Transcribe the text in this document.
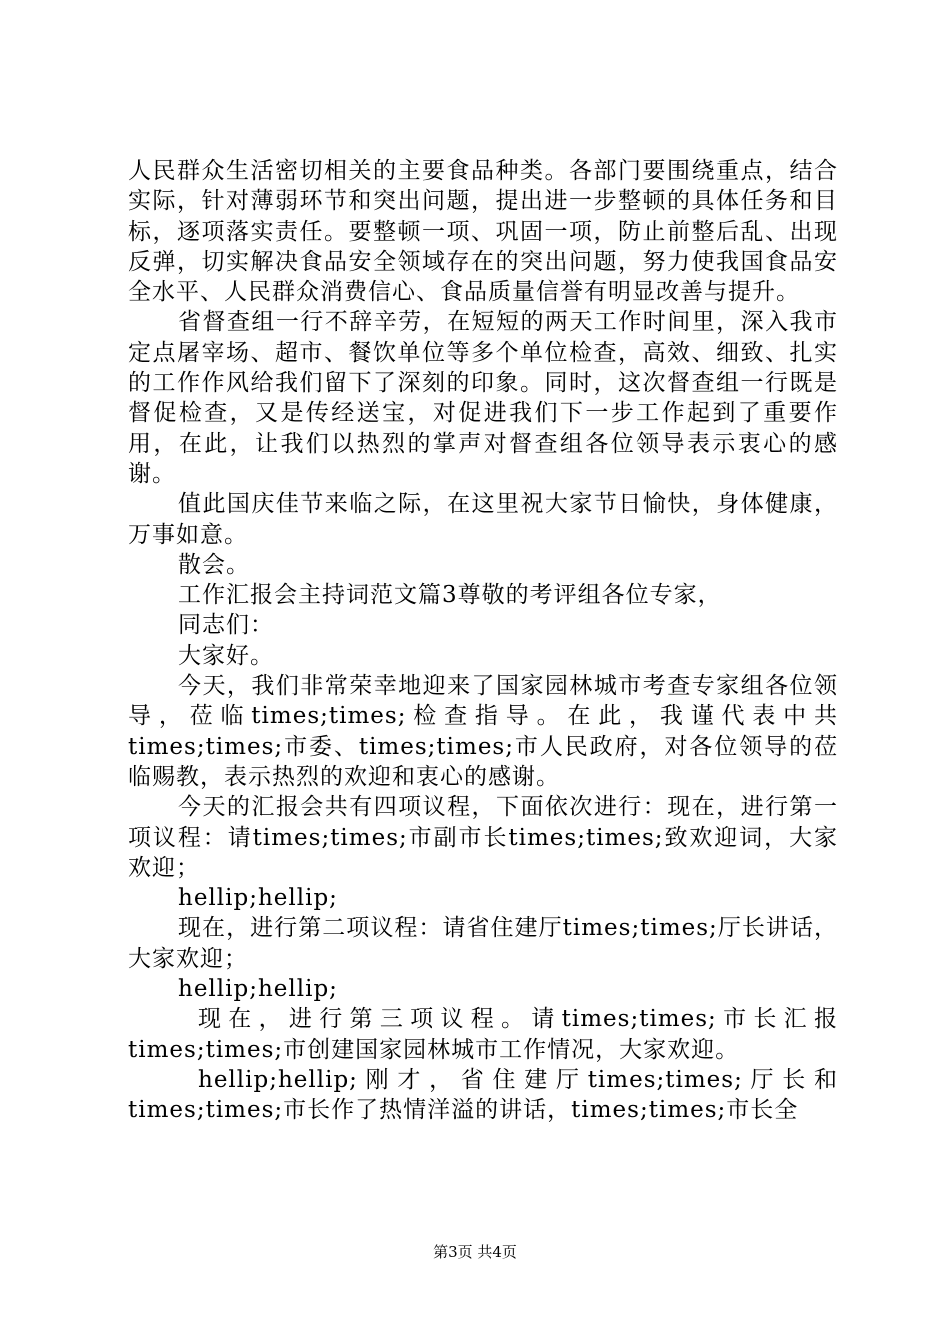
人民群众生活密切相关的主要食品种类。各部门要围绕重点，结合实际，针对薄弱环节和突出问题，提出进一步整顿的具体任务和目标，逐项落实责任。要整顿一项、巩固一项，防止前整后乱、出现反弹，切实解决食品安全领域存在的突出问题，努力使我国食品安全水平、人民群众消费信心、食品质量信誉有明显改善与提升。

省督查组一行不辞辛劳，在短短的两天工作时间里，深入我市定点屠宰场、超市、餐饮单位等多个单位检查，高效、细致、扎实的工作作风给我们留下了深刻的印象。同时，这次督查组一行既是督促检查，又是传经送宝，对促进我们下一步工作起到了重要作用，在此，让我们以热烈的掌声对督查组各位领导表示衷心的感谢。

值此国庆佳节来临之际，在这里祝大家节日愉快，身体健康，万事如意。

散会。

工作汇报会主持词范文篇3尊敬的考评组各位专家，

同志们：

大家好。

今天，我们非常荣幸地迎来了国家园林城市考查专家组各位领导，莅临times;times;检查指导。在此，我谨代表中共times;times;市委、times;times;市人民政府，对各位领导的莅临赐教，表示热烈的欢迎和衷心的感谢。

今天的汇报会共有四项议程，下面依次进行：现在，进行第一项议程：请times;times;市副市长times;times;致欢迎词，大家欢迎；

hellip;hellip;

现在，进行第二项议程：请省住建厅times;times;厅长讲话，大家欢迎；

hellip;hellip;

现在，进行第三项议程。请times;times;市长汇报times;times;市创建国家园林城市工作情况，大家欢迎。

hellip;hellip;刚才，省住建厅times;times;厅长和times;times;市长作了热情洋溢的讲话，times;times;市长全

第3页 共4页
